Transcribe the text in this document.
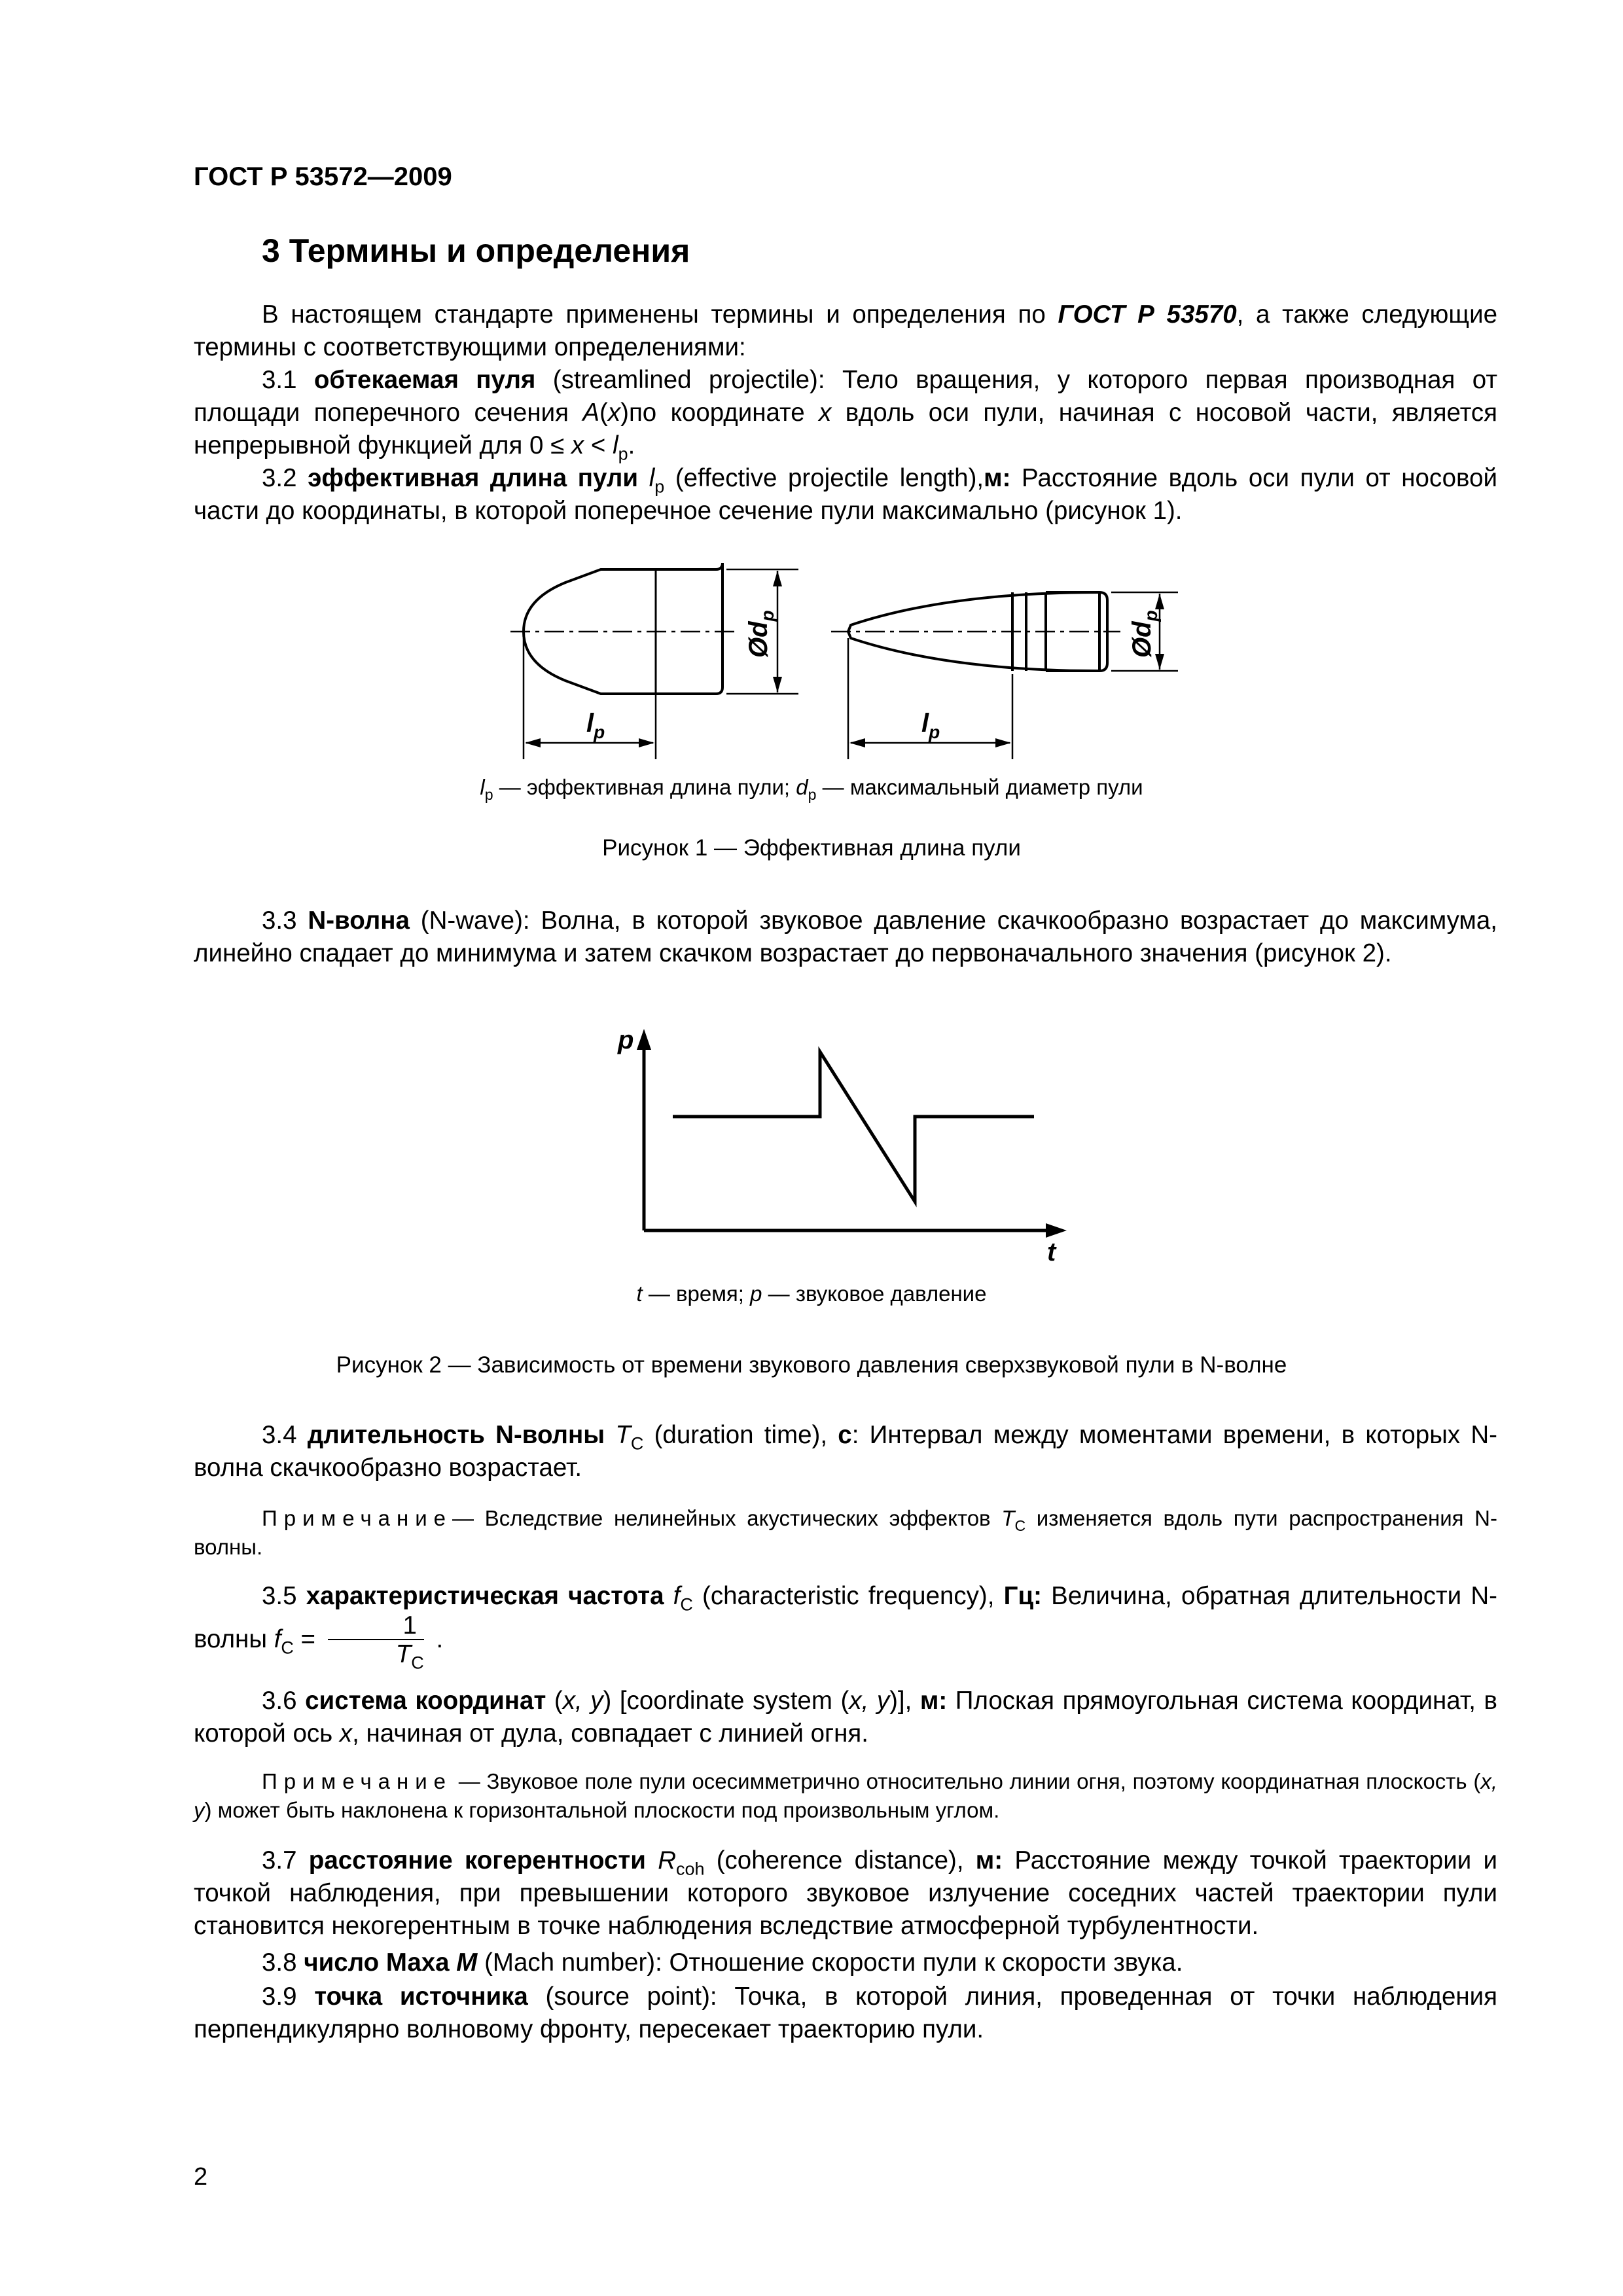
ГОСТ Р 53572—2009
3 Термины и определения
В настоящем стандарте применены термины и определения по ГОСТ Р 53570, а также следующие термины с соответствующими определениями:
3.1 обтекаемая пуля (streamlined projectile): Тело вращения, у которого первая производная от площади поперечного сечения A(x)по координате x вдоль оси пули, начиная с носовой части, является непрерывной функцией для $0 \le x < l_p$.
3.2 эффективная длина пули $l_p$ (effective projectile length),м: Расстояние вдоль оси пули от носовой части до координаты, в которой поперечное сечение пули максимально (рисунок 1).
$l_p$	$l_p$
$Ød_p$
$Ød_p$
$l_р$ — эффективная длина пули; $d_р$ — максимальный диаметр пули
Рисунок 1 — Эффективная длина пули
3.3 N-волна (N-wave): Волна, в которой звуковое давление скачкообразно возрастает до максимума, линейно спадает до минимума и затем скачком возрастает до первоначального значения (рисунок 2).
p
t
t — время; p — звуковое давление
Рисунок 2 — Зависимость от времени звукового давления сверхзвуковой пули в N-волне
3.4 длительность N-волны $T_C$ (duration time), с: Интервал между моментами времени, в которых N-волна скачкообразно возрастает.
Примечание— Вследствие нелинейных акустических эффектов $T_C$ изменяется вдоль пути распространения N-волны.
3.5 характеристическая частота $f_C$ (characteristic frequency), Гц: Величина, обратная длительности N-волны $f_C = \frac{1}{T_C}$ .
3.6 система координат (x, y) [coordinate system (x, y)], м: Плоская прямоугольная система координат, в которой ось x, начиная от дула, совпадает с линией огня.
Примечание — Звуковое поле пули осесимметрично относительно линии огня, поэтому координатная плоскость (x, y) может быть наклонена к горизонтальной плоскости под произвольным углом.
3.7 расстояние когерентности $R_{coh}$ (coherence distance), м: Расстояние между точкой траектории и точкой наблюдения, при превышении которого звуковое излучение соседних частей траектории пули становится некогерентным в точке наблюдения вследствие атмосферной турбулентности.
3.8 число Маха M (Mach number): Отношение скорости пули к скорости звука.
3.9 точка источника (source point): Точка, в которой линия, проведенная от точки наблюдения перпендикулярно волновому фронту, пересекает траекторию пули.
2
